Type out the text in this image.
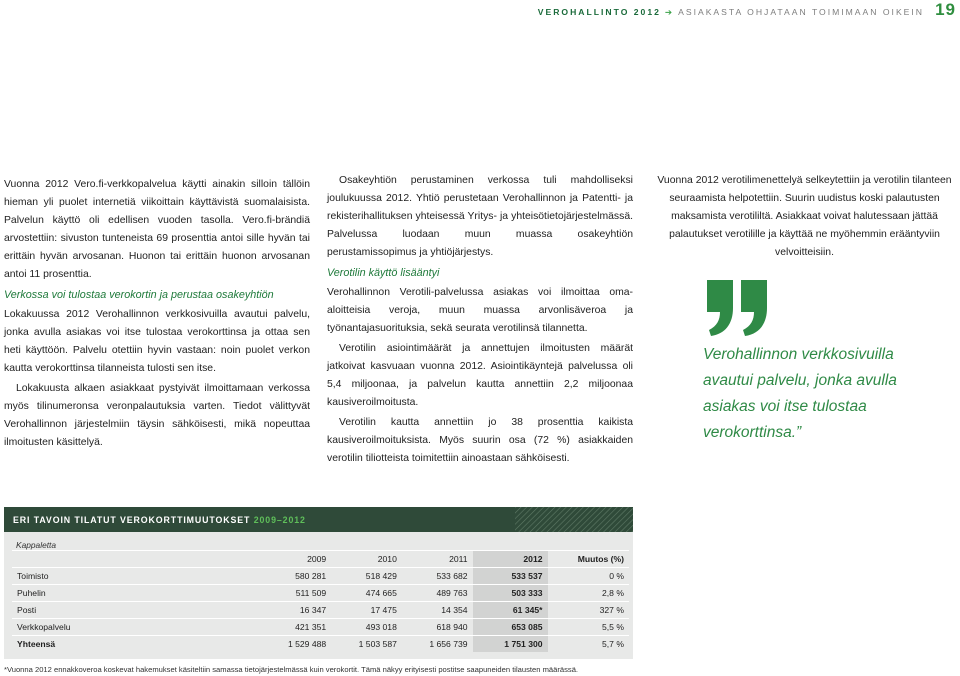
VEROHALLINTO 2012 ➔ ASIAKASTA OHJATAAN TOIMIMAAN OIKEIN 19

Vuonna 2012 Vero.fi-verkkopalvelua käytti ainakin silloin tällöin hieman yli puolet internetiä viikoittain käyttävistä suomalaisista. Palvelun käyttö oli edellisen vuoden tasolla. Vero.fi-brändiä arvostettiin: sivuston tunteneista 69 prosenttia antoi sille hyvän tai erittäin hyvän arvosanan. Huonon tai erittäin huonon arvosanan antoi 11 prosenttia.

Verkossa voi tulostaa verokortin ja perustaa osakeyhtiön

Lokakuussa 2012 Verohallinnon verkkosivuilla avautui palvelu, jonka avulla asiakas voi itse tulostaa verokorttinsa ja ottaa sen heti käyttöön. Palvelu otettiin hyvin vastaan: noin puolet verkon kautta verokorttinsa tilanneista tulosti sen itse.

Lokakuusta alkaen asiakkaat pystyivät ilmoittamaan verkossa myös tilinumeronsa veronpalautuksia varten. Tiedot välittyvät Verohallinnon järjestelmiin täysin sähköisesti, mikä nopeuttaa ilmoitusten käsittelyä.

Osakeyhtiön perustaminen verkossa tuli mahdolliseksi joulukuussa 2012. Yhtiö perustetaan Verohallinnon ja Patentti- ja rekisterihallituksen yhteisessä Yritys- ja yhteisötietojärjestelmässä. Palvelussa luodaan muun muassa osakeyhtiön perustamissopimus ja yhtiöjärjestys.

Verotilin käyttö lisääntyi

Verohallinnon Verotili-palvelussa asiakas voi ilmoittaa oma-aloitteisia veroja, muun muassa arvonlisäveroa ja työnantajasuorituksia, sekä seurata verotilinsä tilannetta.

Verotilin asiointimäärät ja annettujen ilmoitusten määrät jatkoivat kasvuaan vuonna 2012. Asiointikäyntejä palvelussa oli 5,4 miljoonaa, ja palvelun kautta annettiin 2,2 miljoonaa kausiveroilmoitusta.

Verotilin kautta annettiin jo 38 prosenttia kaikista kausiveroilmoituksista. Myös suurin osa (72 %) asiakkaiden verotilin tiliotteista toimitettiin ainoastaan sähköisesti.

Vuonna 2012 verotilimenettelyä selkeytettiin ja verotilin tilanteen seuraamista helpotettiin. Suurin uudistus koski palautusten maksamista verotililtä. Asiakkaat voivat halutessaan jättää palautukset verotilille ja käyttää ne myöhemmin erääntyviin velvoitteisiin.

Verohallinnon verkkosivuilla avautui palvelu, jonka avulla asiakas voi itse tulostaa verokorttinsa.”
ERI TAVOIN TILATUT VEROKORTTIMUUTOKSET 2009–2012
Kappaletta
	2009	2010	2011	2012	Muutos (%)
Toimisto	580 281	518 429	533 682	533 537	0 %
Puhelin	511 509	474 665	489 763	503 333	2,8 %
Posti	16 347	17 475	14 354	61 345*	327 %
Verkkopalvelu	421 351	493 018	618 940	653 085	5,5 %
Yhteensä	1 529 488	1 503 587	1 656 739	1 751 300	5,7 %
*Vuonna 2012 ennakkoveroa koskevat hakemukset käsiteltiin samassa tietojärjestelmässä kuin verokortit. Tämä näkyy erityisesti postitse saapuneiden tilausten määrässä.
